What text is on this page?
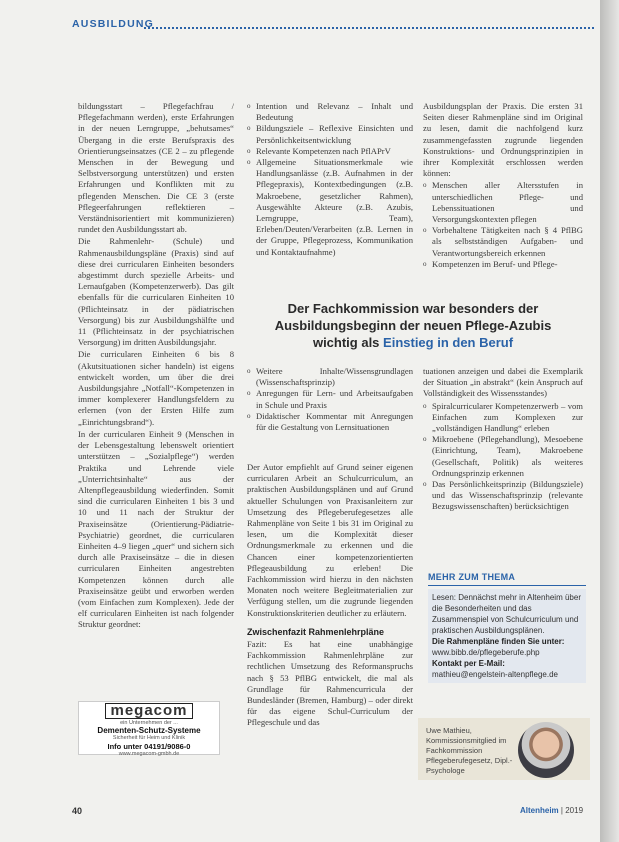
AUSBILDUNG

bildungsstart – Pflegefachfrau / Pflegefachmann werden), erste Erfahrungen in der neuen Lerngruppe, „behutsames“ Übergang in die erste Berufspraxis des Orientierungseinsatzes (CE 2 – zu pflegende Menschen in der Bewegung und Selbstversorgung unterstützen) und ersten Erfahrungen und Konflikten mit zu pflegenden Menschen. Die CE 3 (erste Pflegeerfahrungen reflektieren – Verständnisorientiert mit kommunizieren) rundet den Ausbildungsstart ab.

Die Rahmenlehr- (Schule) und Rahmenausbildungspläne (Praxis) sind auf diese drei curricularen Einheiten besonders abgestimmt durch spezielle Arbeits- und Lernaufgaben (Kompetenzerwerb). Das gilt ebenfalls für die curricularen Einheiten 10 (Pflichteinsatz in der pädiatrischen Versorgung) bis zur Ausbildungshälfte und 11 (Pflichteinsatz in der psychiatrischen Versorgung) im dritten Ausbildungsjahr.

Die curricularen Einheiten 6 bis 8 (Akutsituationen sicher handeln) ist eigens entwickelt worden, um über die drei Ausbildungsjahre „Notfall“-Kompetenzen in immer komplexerer Handlungsfeldern zu erlernen (von der Ersten Hilfe zum „Einrichtungsbrand“).

In der curricularen Einheit 9 (Menschen in der Lebensgestaltung lebenswelt orientiert unterstützen – „Sozialpflege“) werden Praktika und Lehrende viele „Unterrichtsinhalte“ aus der Altenpflegeausbildung wiederfinden. Somit sind die curricularen Einheiten 1 bis 3 und 10 und 11 nach der Struktur der Praxiseinsätze (Orientierung-Pädiatrie-Psychiatrie) geordnet, die curricularen Einheiten 4–9 liegen „quer“ und sichern sich durch alle Praxiseinsätze – die in diesen curricularen Einheiten angestrebten Kompetenzen können durch alle Praxiseinsätze geübt und erworben werden (vom Einfachen zum Komplexen). Jede der elf curricularen Einheiten ist nach folgender Struktur geordnet:

o Intention und Relevanz – Inhalt und Bedeutung
o Bildungsziele – Reflexive Einsichten und Persönlichkeitsentwicklung
o Relevante Kompetenzen nach PflAPrV
o Allgemeine Situationsmerkmale wie Handlungsanlässe (z.B. Aufnahmen in der Pflegepraxis), Kontextbedingungen (z.B. Makroebene, gesetzlicher Rahmen), Ausgewählte Akteure (z.B. Azubis, Lerngruppe, Team), Erleben/Deuten/Verarbeiten (z.B. Lernen in der Gruppe, Pflegeprozess, Kommunikation und Kontaktaufnahme)

Ausbildungsplan der Praxis. Die ersten 31 Seiten dieser Rahmenpläne sind im Original zu lesen, damit die nachfolgend kurz zusammengefassten zugrunde liegenden Konstruktions- und Ordnungsprinzipien in ihrer Komplexität erschlossen werden können:

o Menschen aller Altersstufen in unterschiedlichen Pflege- und Lebenssituationen und Versorgungskontexten pflegen
o Vorbehaltene Tätigkeiten nach § 4 PflBG als selbstständigen Aufgaben- und Verantwortungsbereich erkennen
o Kompetenzen im Beruf- und Pflege-
Der Fachkommission war besonders der
Ausbildungsbeginn der neuen Pflege-Azubis
wichtig als Einstieg in den Beruf
o Weitere Inhalte/Wissensgrundlagen (Wissenschaftsprinzip)
o Anregungen für Lern- und Arbeitsaufgaben in Schule und Praxis
o Didaktischer Kommentar mit Anregungen für die Gestaltung von Lernsituationen

Der Autor empfiehlt auf Grund seiner eigenen curricularen Arbeit an Schulcurriculum, an praktischen Ausbildungsplänen und auf Grund aktueller Schulungen von Praxisanleitern zur Umsetzung des Pflegeberufegesetzes alle Rahmenpläne von Seite 1 bis 31 im Original zu lesen, um die Komplexität dieser Ordnungsmerkmale zu erkennen und die Chancen einer kompetenzorientierten Pflegeausbildung zu erleben! Die Fachkommission wird hierzu in den nächsten Monaten noch weitere Begleitmaterialien zur Verfügung stellen, um die zugrunde liegenden Konstruktionskriterien deutlicher zu erläutern.

Zwischenfazit Rahmenlehrpläne

Fazit: Es hat eine unabhängige Fachkommission Rahmenlehrpläne zur rechtlichen Umsetzung des Reformanspruchs nach § 53 PflBG entwickelt, die mal als Grundlage für Rahmencurricula der Bundesländer (Bremen, Hamburg) – oder direkt für das eigene Schul-Curriculum der Pflegeschule und das

tuationen anzeigen und dabei die Exemplarik der Situation „in abstrakt“ (kein Anspruch auf Vollständigkeit des Wissensstandes)

o Spiralcurricularer Kompetenzerwerb – vom Einfachen zum Komplexen zur „vollständigen Handlung“ erleben
o Mikroebene (Pflegehandlung), Mesoebene (Einrichtung, Team), Makroebene (Gesellschaft, Politik) als weiteres Ordnungsprinzip erkennen
o Das Persönlichkeitsprinzip (Bildungsziele) und das Wissenschaftsprinzip (relevante Bezugswissenschaften) berücksichtigen
MEHR ZUM THEMA
Lesen: Dennächst mehr in Altenheim über die Besonderheiten und das Zusammenspiel von Schulcurriculum und praktischen Ausbildungsplänen.
Die Rahmenpläne finden Sie unter:
www.bibb.de/pflegeberufe.php
Kontakt per E-Mail:
mathieu@engelstein-altenpflege.de
Uwe Mathieu, Kommissionsmitglied im Fachkommission Pflegeberufegesetz, Dipl.-Psychologe
megacom
ein Unternehmen der ...
Dementen-Schutz-Systeme
Sicherheit für Heim und Klinik
Info unter 04191/9086-0
www.megacom-gmbh.de
40	Altenheim | 2019
